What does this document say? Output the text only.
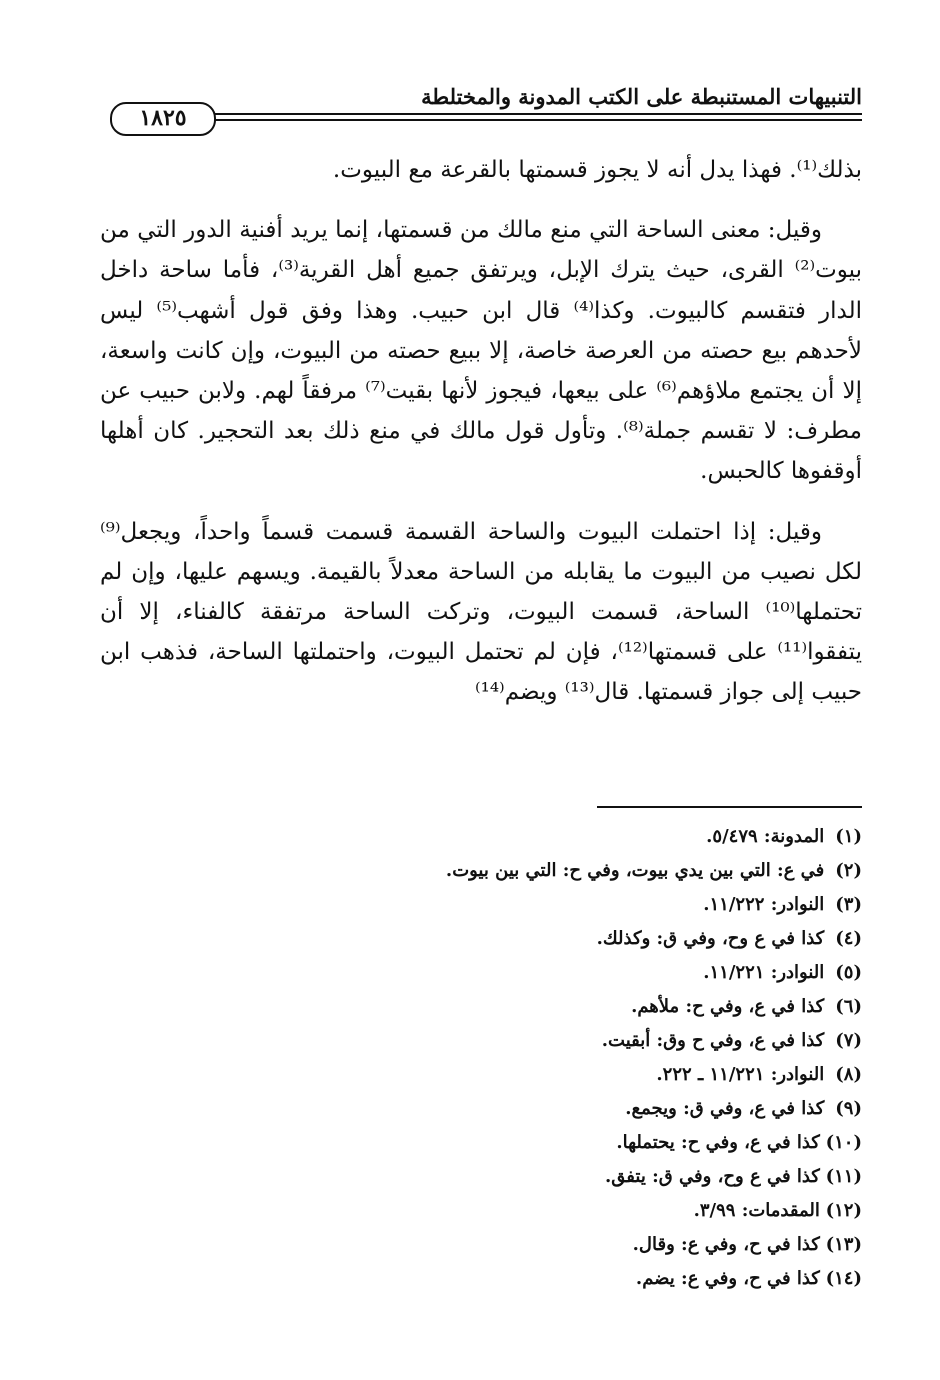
التنبيهات المستنبطة على الكتب المدونة والمختلطة
١٨٢٥

بذلك⁽¹⁾. فهذا يدل أنه لا يجوز قسمتها بالقرعة مع البيوت.

وقيل: معنى الساحة التي منع مالك من قسمتها، إنما يريد أفنية الدور التي من بيوت⁽²⁾ القرى، حيث يترك الإبل، ويرتفق جميع أهل القرية⁽³⁾، فأما ساحة داخل الدار فتقسم كالبيوت. وكذا⁽⁴⁾ قال ابن حبيب. وهذا وفق قول أشهب⁽⁵⁾ ليس لأحدهم بيع حصته من العرصة خاصة، إلا ببيع حصته من البيوت، وإن كانت واسعة، إلا أن يجتمع ملاؤهم⁽⁶⁾ على بيعها، فيجوز لأنها بقيت⁽⁷⁾ مرفقاً لهم. ولابن حبيب عن مطرف: لا تقسم جملة⁽⁸⁾. وتأول قول مالك في منع ذلك بعد التحجير. كان أهلها أوقفوها كالحبس.

وقيل: إذا احتملت البيوت والساحة القسمة قسمت قسماً واحداً، ويجعل⁽⁹⁾ لكل نصيب من البيوت ما يقابله من الساحة معدلاً بالقيمة. ويسهم عليها، وإن لم تحتملها⁽¹⁰⁾ الساحة، قسمت البيوت، وتركت الساحة مرتفقة كالفناء، إلا أن يتفقوا⁽¹¹⁾ على قسمتها⁽¹²⁾، فإن لم تحتمل البيوت، واحتملتها الساحة، فذهب ابن حبيب إلى جواز قسمتها. قال⁽¹³⁾ ويضم⁽¹⁴⁾

(١) المدونة: ٥/٤٧٩.
(٢) في ع: التي بين يدي بيوت، وفي ح: التي بين بيوت.
(٣) النوادر: ١١/٢٢٢.
(٤) كذا في ع وح، وفي ق: وكذلك.
(٥) النوادر: ١١/٢٢١.
(٦) كذا في ع، وفي ح: ملأهم.
(٧) كذا في ع، وفي ح وق: أبقيت.
(٨) النوادر: ١١/٢٢١ ـ ٢٢٢.
(٩) كذا في ع، وفي ق: ويجمع.
(١٠) كذا في ع، وفي ح: يحتملها.
(١١) كذا في ع وح، وفي ق: يتفق.
(١٢) المقدمات: ٣/٩٩.
(١٣) كذا في ح، وفي ع: وقال.
(١٤) كذا في ح، وفي ع: يضم.
